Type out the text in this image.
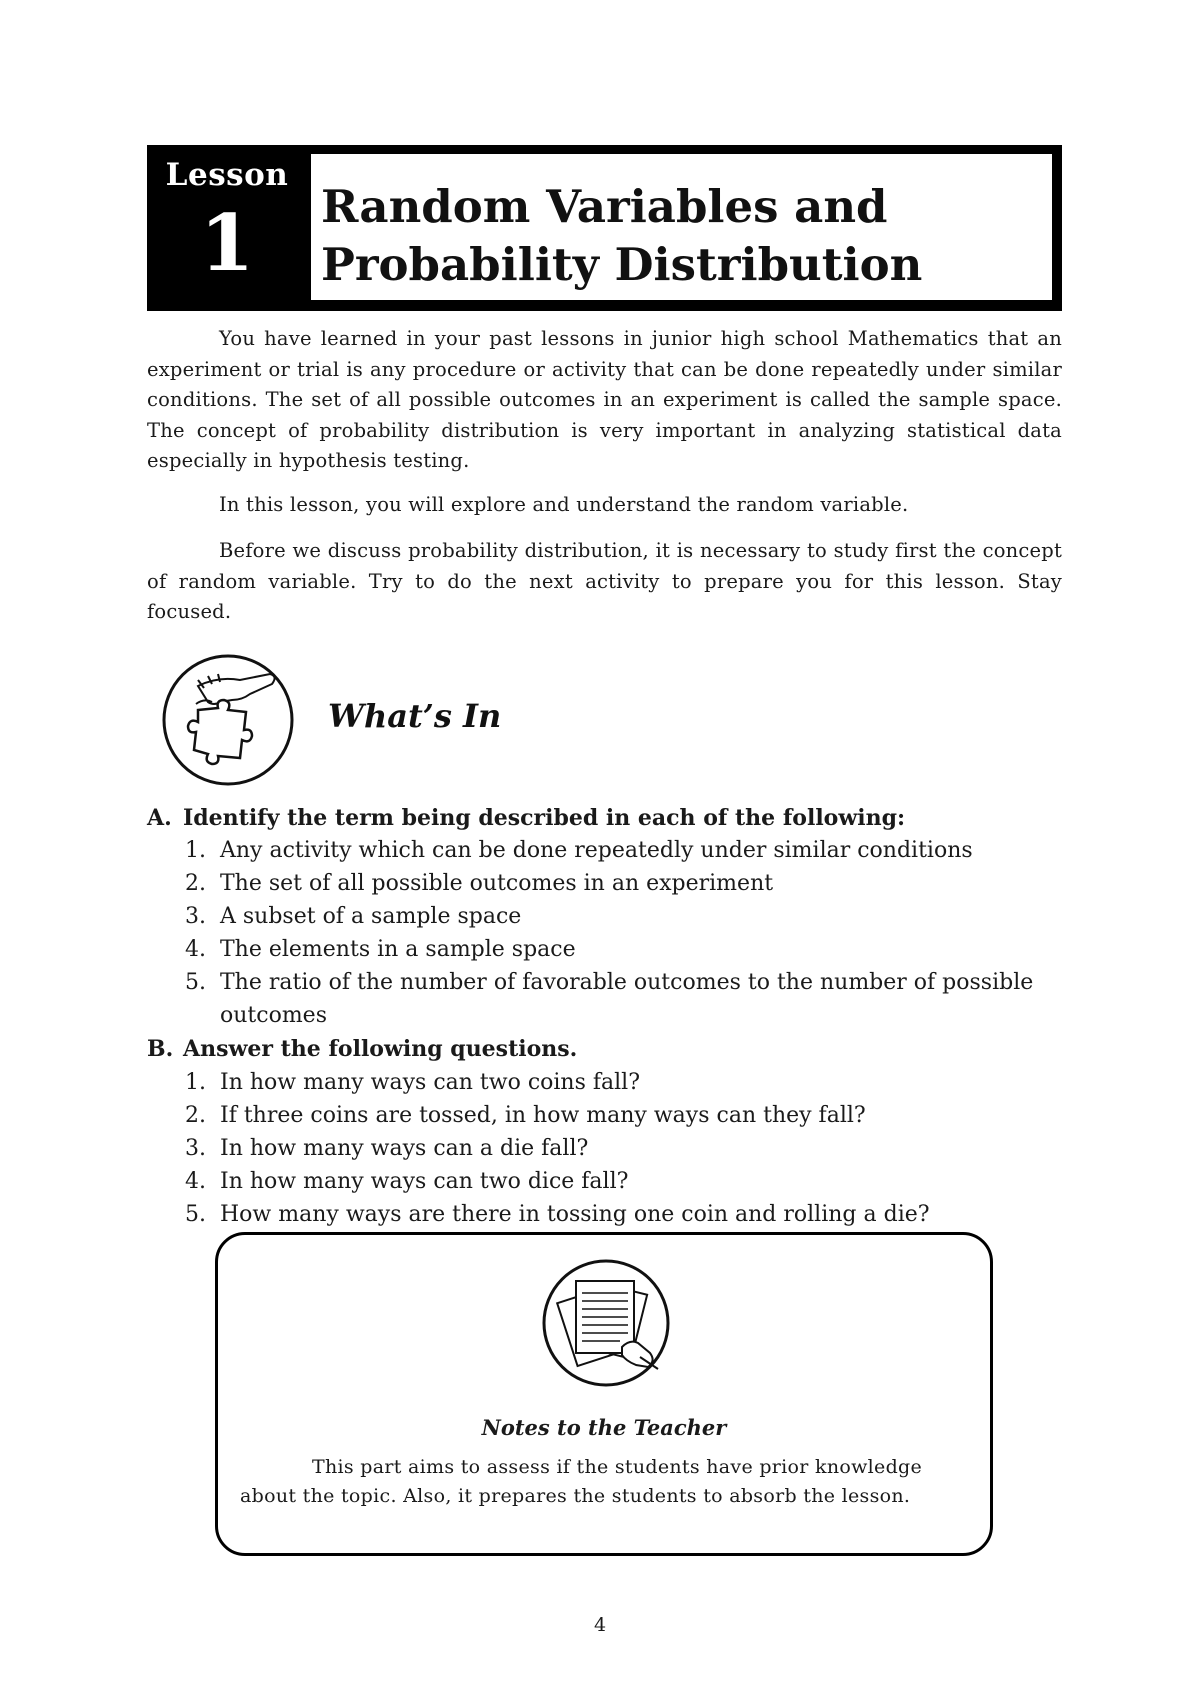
Lesson
1	Random Variables and
Probability Distribution
You have learned in your past lessons in junior high school Mathematics that an experiment or trial is any procedure or activity that can be done repeatedly under similar conditions. The set of all possible outcomes in an experiment is called the sample space. The concept of probability distribution is very important in analyzing statistical data especially in hypothesis testing.
In this lesson, you will explore and understand the random variable.
Before we discuss probability distribution, it is necessary to study first the concept of random variable. Try to do the next activity to prepare you for this lesson. Stay focused.
What’s In
A. Identify the term being described in each of the following:
1. Any activity which can be done repeatedly under similar conditions
2. The set of all possible outcomes in an experiment
3. A subset of a sample space
4. The elements in a sample space
5. The ratio of the number of favorable outcomes to the number of possible outcomes
B. Answer the following questions.
1. In how many ways can two coins fall?
2. If three coins are tossed, in how many ways can they fall?
3. In how many ways can a die fall?
4. In how many ways can two dice fall?
5. How many ways are there in tossing one coin and rolling a die?
Notes to the Teacher
This part aims to assess if the students have prior knowledge about the topic. Also, it prepares the students to absorb the lesson.
4
